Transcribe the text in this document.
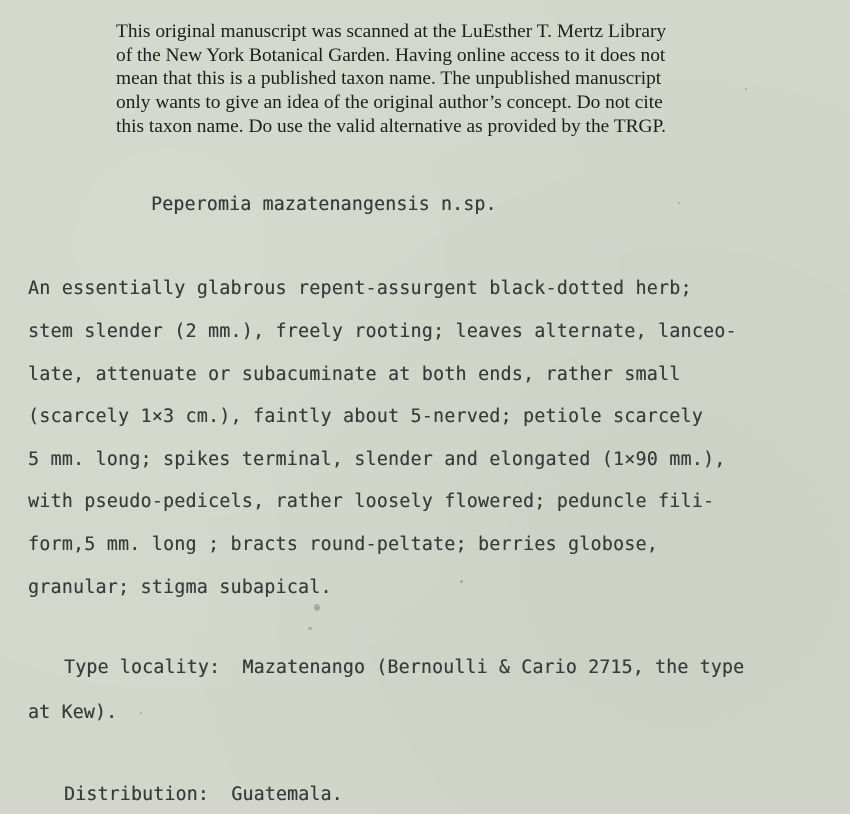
This original manuscript was scanned at the LuEsther T. Mertz Library
of the New York Botanical Garden. Having online access to it does not
mean that this is a published taxon name. The unpublished manuscript
only wants to give an idea of the original author’s concept. Do not cite
this taxon name. Do use the valid alternative as provided by the TRGP.
Peperomia mazatenangensis n.sp.
An essentially glabrous repent-assurgent black-dotted herb;
stem slender (2 mm.), freely rooting; leaves alternate, lanceo-
late, attenuate or subacuminate at both ends, rather small
(scarcely 1×3 cm.), faintly about 5-nerved; petiole scarcely
5 mm. long; spikes terminal, slender and elongated (1×90 mm.),
with pseudo-pedicels, rather loosely flowered; peduncle fili-
form,5 mm. long ; bracts round-peltate; berries globose,
granular; stigma subapical.
Type locality: Mazatenango (Bernoulli & Cario 2715, the type
at Kew).
Distribution: Guatemala.
